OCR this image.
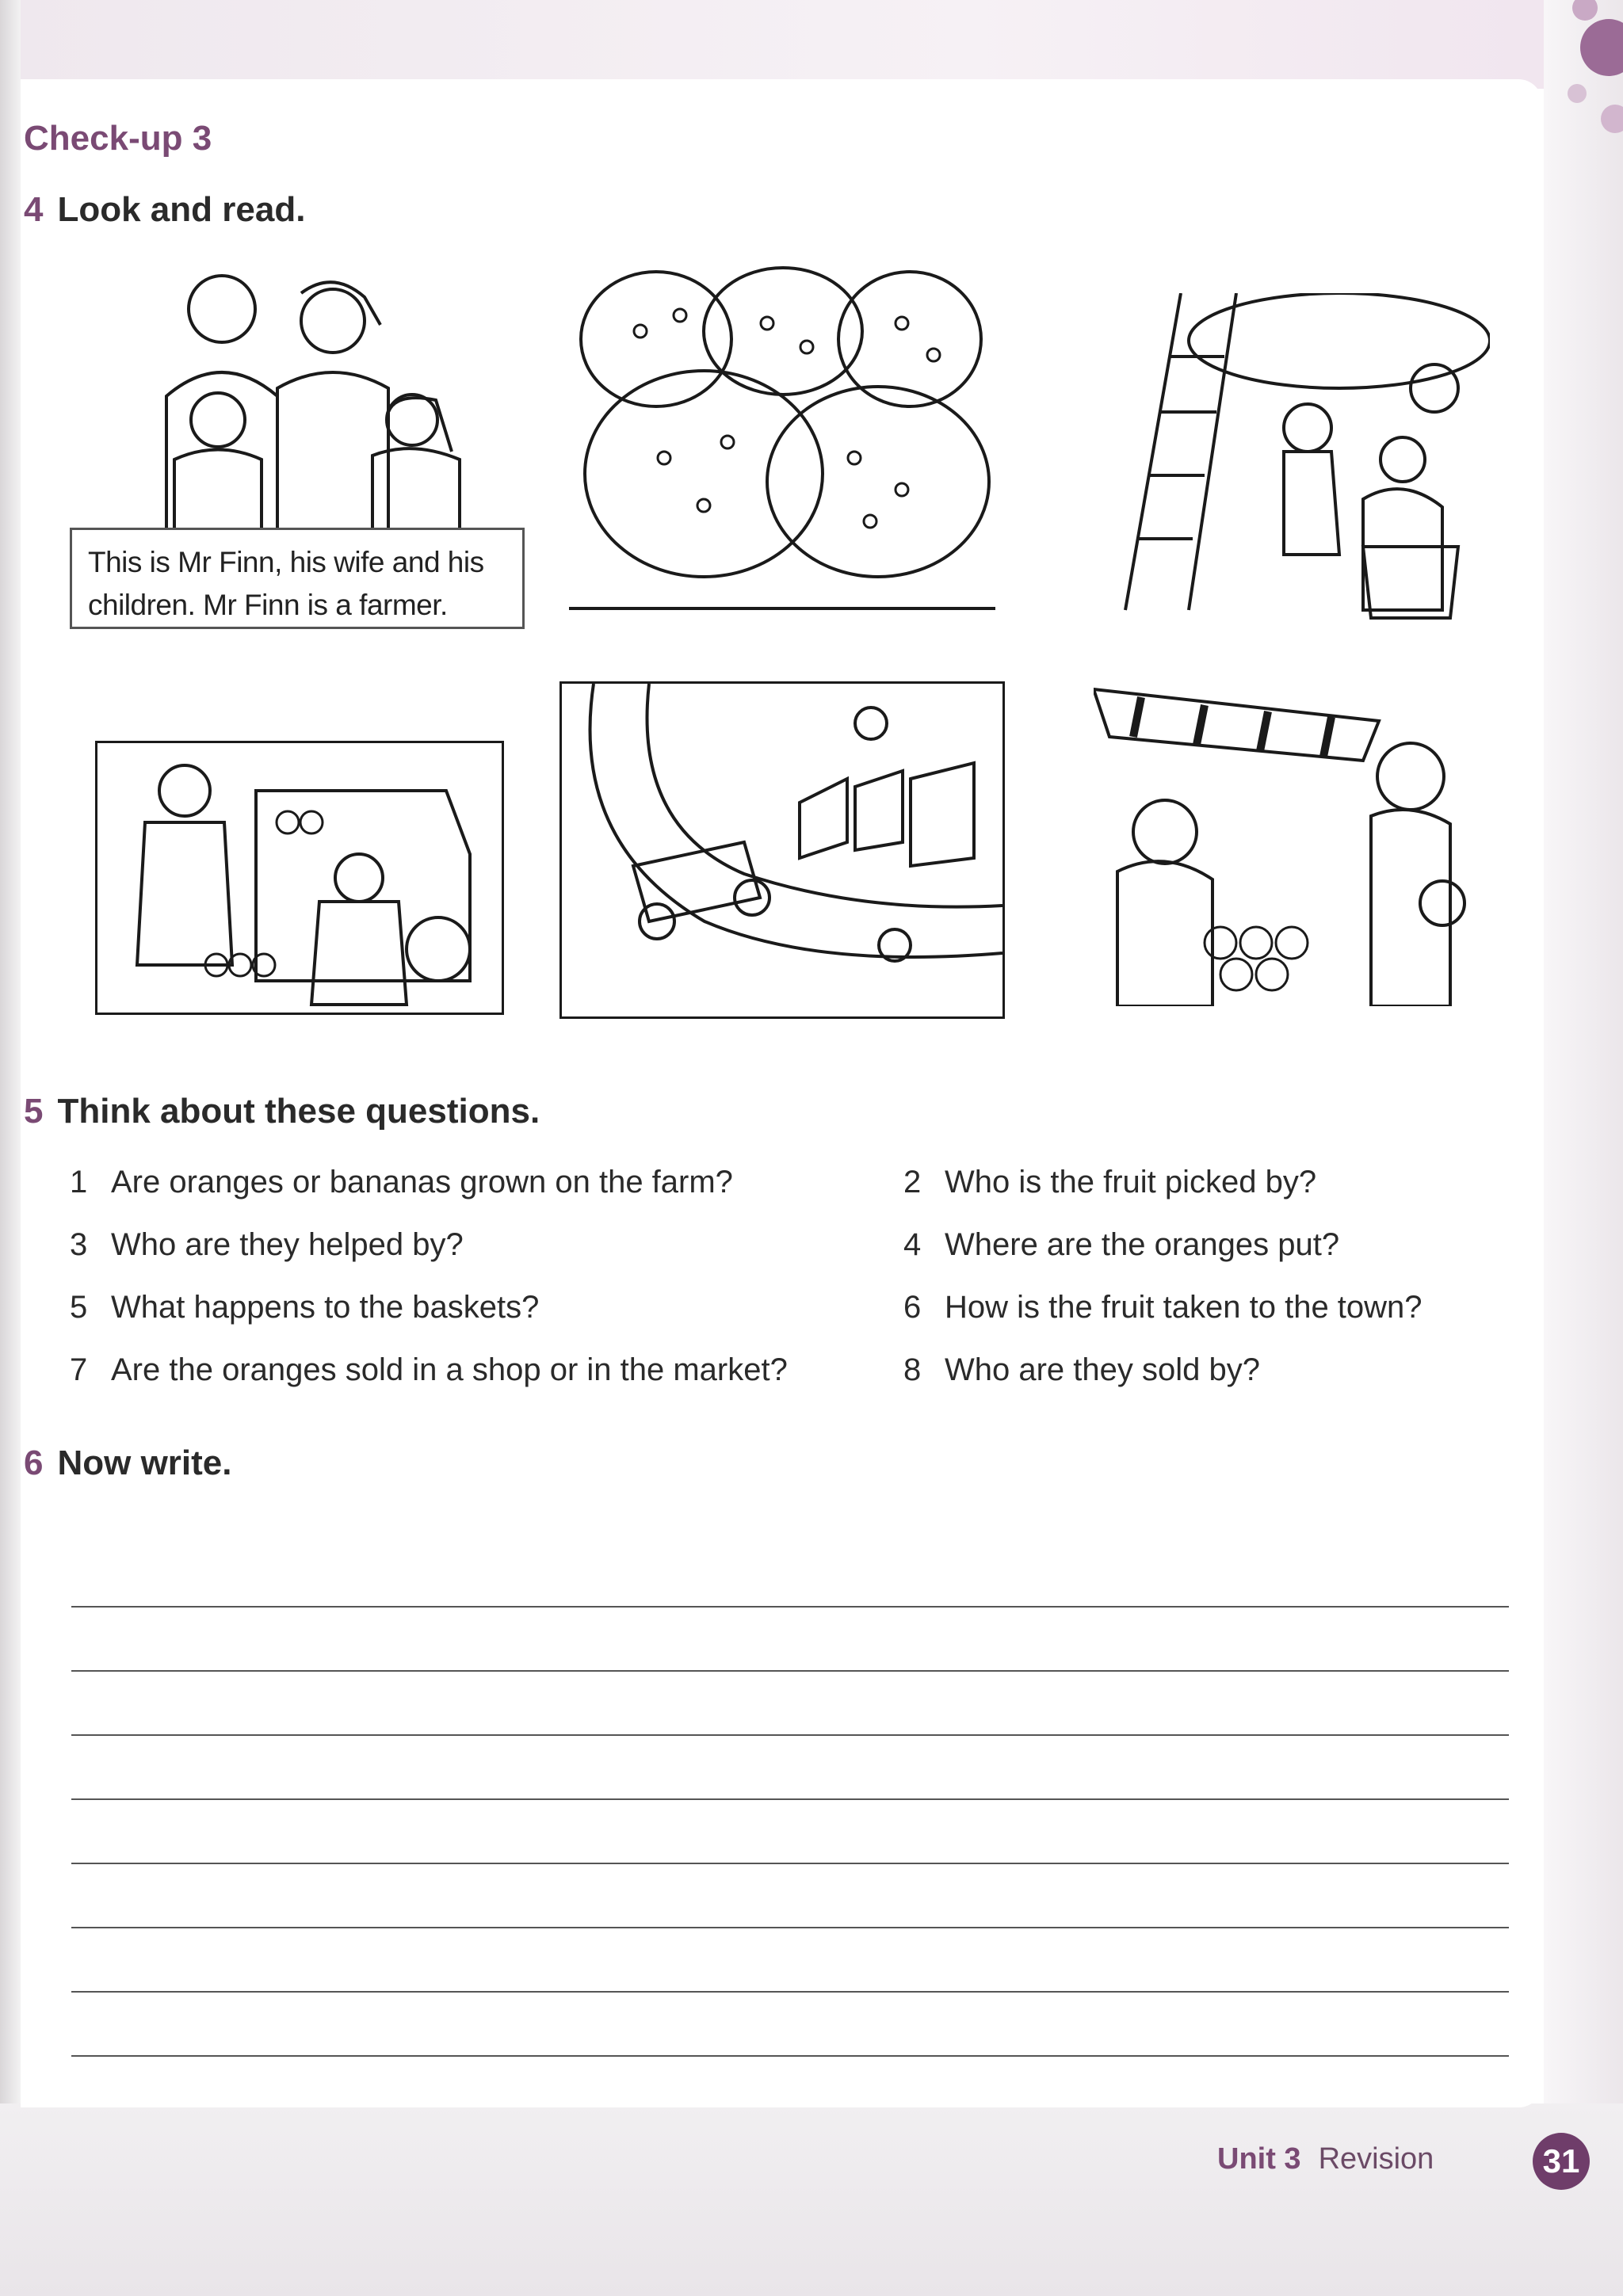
Check-up 3
4 Look and read.
This is Mr Finn, his wife and his children. Mr Finn is a farmer.
5 Think about these questions.
1 Are oranges or bananas grown on the farm?	2 Who is the fruit picked by?
3 Who are they helped by?	4 Where are the oranges put?
5 What happens to the baskets?	6 How is the fruit taken to the town?
7 Are the oranges sold in a shop or in the market?	8 Who are they sold by?
6 Now write.
Unit 3 Revision	31
